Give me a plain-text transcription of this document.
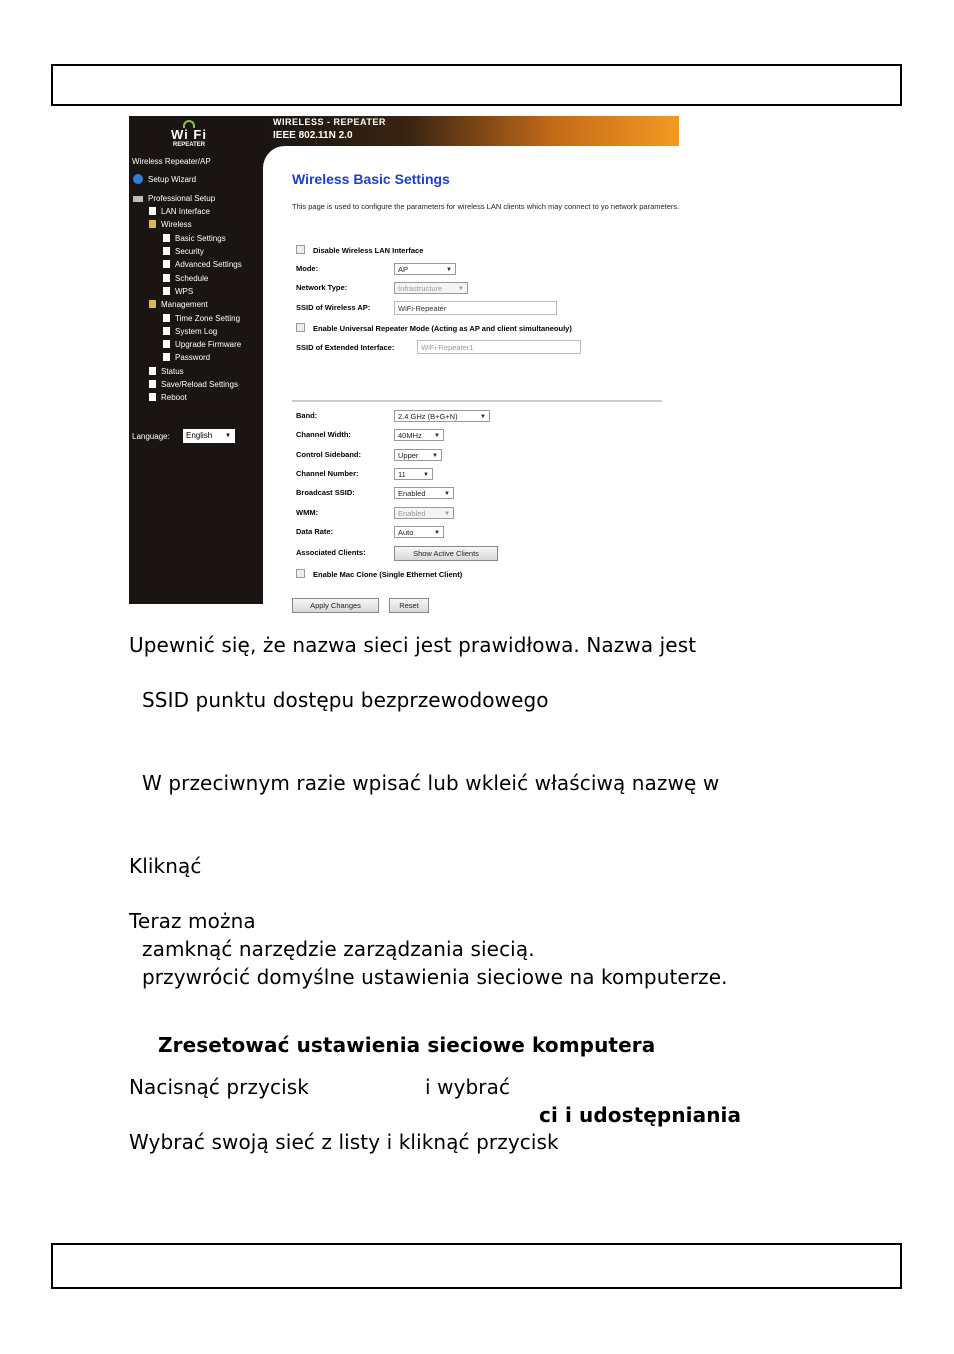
Wi Fi
REPEATER
Wireless Repeater/AP
Setup Wizard
Professional Setup
LAN Interface
Wireless
Basic Settings
Security
Advanced Settings
Schedule
WPS
Management
Time Zone Setting
System Log
Upgrade Firmware
Password
Status
Save/Reload Settings
Reboot
Language:	English ▼
WIRELESS - REPEATER
IEEE 802.11N 2.0
Wireless Basic Settings
This page is used to configure the parameters for wireless LAN clients which may connect to yo network parameters.
Disable Wireless LAN Interface
Mode:	AP	▼
Network Type:	Infrastructure	▼
SSID of Wireless AP:	WiFi-Repeater
Enable Universal Repeater Mode (Acting as AP and client simultaneouly)
SSID of Extended Interface:	WiFi-Repeater1
Band:	2.4 GHz (B+G+N)	▼
Channel Width:	40MHz ▼
Control Sideband:	Upper ▼
Channel Number:	11	▼
Broadcast SSID:	Enabled	▼
WMM:	Enabled	▼
Data Rate:	Auto	▼
Associated Clients:	Show Active Clients
Enable Mac Clone (Single Ethernet Client)
Apply Changes	Reset
Upewnić się, że nazwa sieci jest prawidłowa. Nazwa jest
SSID punktu dostępu bezprzewodowego
W przeciwnym razie wpisać lub wkleić właściwą nazwę w
Kliknąć
Teraz można
zamknąć narzędzie zarządzania siecią.
przywrócić domyślne ustawienia sieciowe na komputerze.
Zresetować ustawienia sieciowe komputera
Nacisnąć przycisk	i wybrać
ci i udostępniania
Wybrać swoją sieć z listy i kliknąć przycisk
